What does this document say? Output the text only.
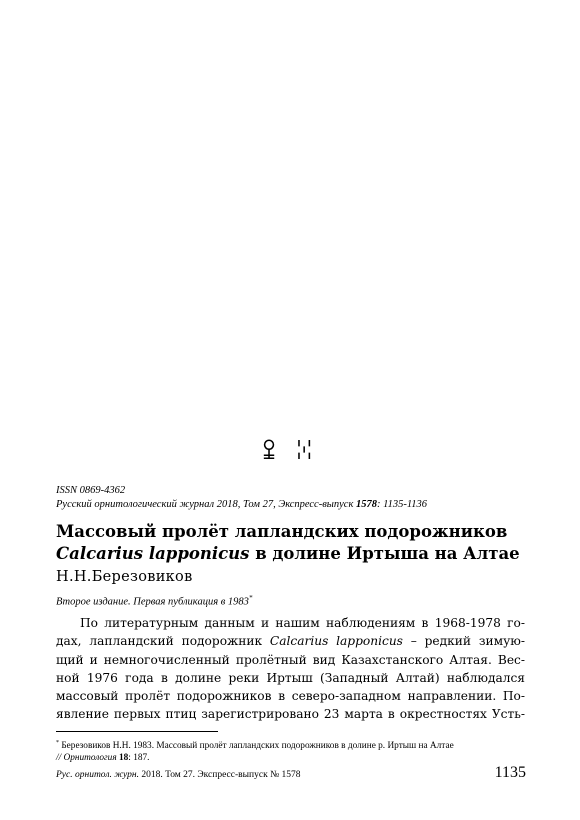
ꔍ ꔘ
ISSN 0869-4362
Русский орнитологический журнал 2018, Том 27, Экспресс-выпуск 1578: 1135-1136
Массовый пролёт лапландских подорожников
Calcarius lapponicus в долине Иртыша на Алтае
Н.Н.Березовиков
Второе издание. Первая публикация в 1983*
По литературным данным и нашим наблюдениям в 1968-1978 го-
дах, лапландский подорожник Calcarius lapponicus – редкий зимую-
щий и немногочисленный пролётный вид Казахстанского Алтая. Вес-
ной 1976 года в долине реки Иртыш (Западный Алтай) наблюдался
массовый пролёт подорожников в северо-западном направлении. По-
явление первых птиц зарегистрировано 23 марта в окрестностях Усть-
* Березовиков Н.Н. 1983. Массовый пролёт лапландских подорожников в долине р. Иртыш на Алтае
// Орнитология 18: 187.
Рус. орнитол. журн. 2018. Том 27. Экспресс-выпуск № 1578	1135
